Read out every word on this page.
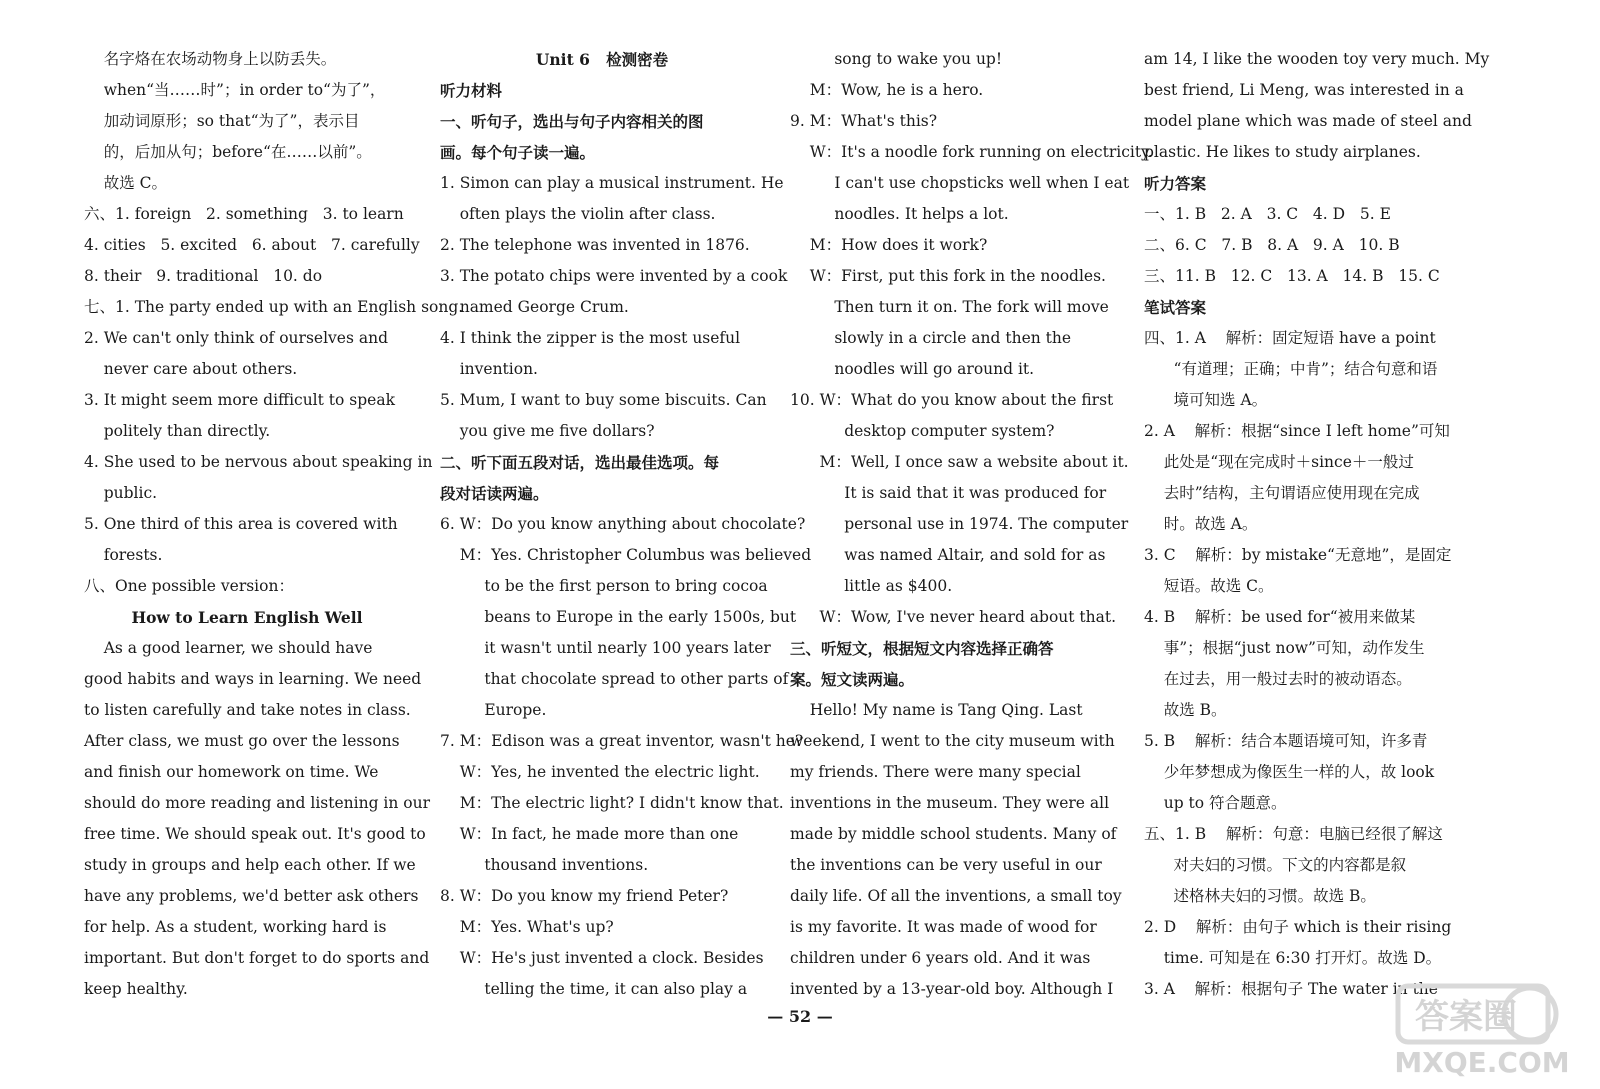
名字烙在农场动物身上以防丢失。
when“当……时”；in order to“为了”，
加动词原形；so that“为了”，表示目
的，后加从句；before“在……以前”。
故选 C。
六、1. foreign   2. something   3. to learn
4. cities   5. excited   6. about   7. carefully
8. their   9. traditional   10. do
七、1. The party ended up with an English song.
2. We can't only think of ourselves and
never care about others.
3. It might seem more difficult to speak
politely than directly.
4. She used to be nervous about speaking in
public.
5. One third of this area is covered with
forests.
八、One possible version：
How to Learn English Well
As a good learner, we should have
good habits and ways in learning. We need
to listen carefully and take notes in class.
After class, we must go over the lessons
and finish our homework on time. We
should do more reading and listening in our
free time. We should speak out. It's good to
study in groups and help each other. If we
have any problems, we'd better ask others
for help. As a student, working hard is
important. But don't forget to do sports and
keep healthy.
Unit 6   检测密卷
听力材料
一、听句子，选出与句子内容相关的图
画。每个句子读一遍。
1. Simon can play a musical instrument. He
often plays the violin after class.
2. The telephone was invented in 1876.
3. The potato chips were invented by a cook
named George Crum.
4. I think the zipper is the most useful
invention.
5. Mum, I want to buy some biscuits. Can
you give me five dollars?
二、听下面五段对话，选出最佳选项。每
段对话读两遍。
6. W：Do you know anything about chocolate?
M：Yes. Christopher Columbus was believed
to be the first person to bring cocoa
beans to Europe in the early 1500s, but
it wasn't until nearly 100 years later
that chocolate spread to other parts of
Europe.
7. M：Edison was a great inventor, wasn't he?
W：Yes, he invented the electric light.
M：The electric light? I didn't know that.
W：In fact, he made more than one
thousand inventions.
8. W：Do you know my friend Peter?
M：Yes. What's up?
W：He's just invented a clock. Besides
telling the time, it can also play a
song to wake you up!
M：Wow, he is a hero.
9. M：What's this?
W：It's a noodle fork running on electricity.
I can't use chopsticks well when I eat
noodles. It helps a lot.
M：How does it work?
W：First, put this fork in the noodles.
Then turn it on. The fork will move
slowly in a circle and then the
noodles will go around it.
10. W：What do you know about the first
desktop computer system?
M：Well, I once saw a website about it.
It is said that it was produced for
personal use in 1974. The computer
was named Altair, and sold for as
little as $400.
W：Wow, I've never heard about that.
三、听短文，根据短文内容选择正确答
案。短文读两遍。
Hello! My name is Tang Qing. Last
weekend, I went to the city museum with
my friends. There were many special
inventions in the museum. They were all
made by middle school students. Many of
the inventions can be very useful in our
daily life. Of all the inventions, a small toy
is my favorite. It was made of wood for
children under 6 years old. And it was
invented by a 13-year-old boy. Although I
am 14, I like the wooden toy very much. My
best friend, Li Meng, was interested in a
model plane which was made of steel and
plastic. He likes to study airplanes.
听力答案
一、1. B   2. A   3. C   4. D   5. E
二、6. C   7. B   8. A   9. A   10. B
三、11. B   12. C   13. A   14. B   15. C
笔试答案
四、1. A    解析：固定短语 have a point
“有道理；正确；中肯”；结合句意和语
境可知选 A。
2. A    解析：根据“since I left home”可知
此处是“现在完成时＋since＋一般过
去时”结构，主句谓语应使用现在完成
时。故选 A。
3. C    解析：by mistake“无意地”，是固定
短语。故选 C。
4. B    解析：be used for“被用来做某
事”；根据“just now”可知，动作发生
在过去，用一般过去时的被动语态。
故选 B。
5. B    解析：结合本题语境可知，许多青
少年梦想成为像医生一样的人，故 look
up to 符合题意。
五、1. B    解析：句意：电脑已经很了解这
对夫妇的习惯。下文的内容都是叙
述格林夫妇的习惯。故选 B。
2. D    解析：由句子 which is their rising
time. 可知是在 6:30 打开灯。故选 D。
3. A    解析：根据句子 The water in the
— 52 —	答案圈
MXQE.COM
